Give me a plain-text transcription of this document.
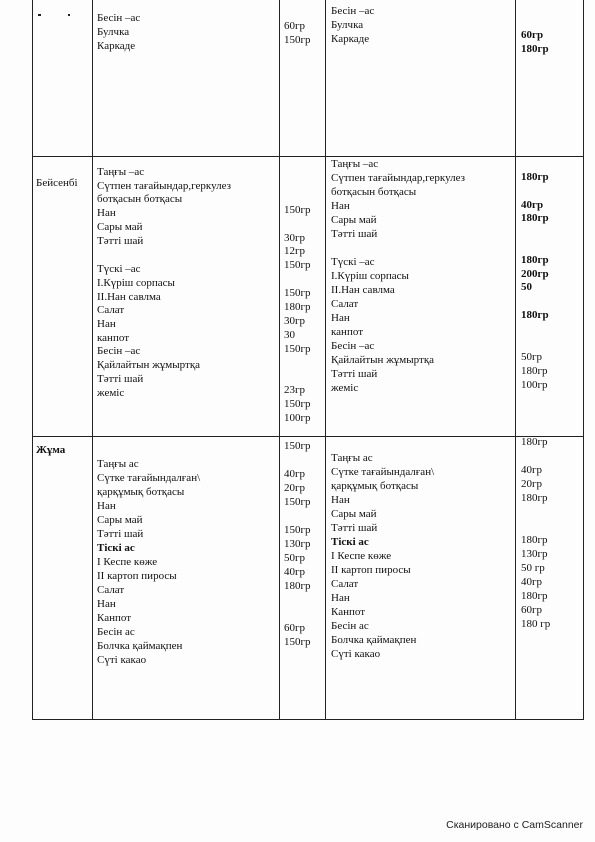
Бейсенбі
Жұма
Бесін –ас
Булчка
Каркаде
60гр
150гр
Бесін –ас
Булчка
Каркаде	60гр
180гр
Таңғы –ас
Сүтпен тағайындар,геркулез
ботқасын ботқасы
Нан
Сары май
Тәтті шай
Түскі –ас
І.Күріш сорпасы
ІІ.Нан савлма
Салат
Нан
канпот
Бесін –ас
Қайлайтын жұмыртқа
Тәтті шай
жеміс
150гр
30гр
12гр
150гр
150гр
180гр
30гр
30
150гр
23гр
150гр
100гр
Таңғы –ас
Сүтпен тағайындар,геркулез
ботқасын ботқасы
Нан
Сары май
Тәтті шай
Түскі –ас
І.Күріш сорпасы
ІІ.Нан савлма
Салат
Нан
канпот
Бесін –ас
Қайлайтын жұмыртқа
Тәтті шай
жеміс
180гр
40гр
180гр
180гр
200гр
50
180гр
50гр
180гр
100гр
Таңғы ас
Сүтке тағайындалған\
қарқұмық ботқасы
Нан
Сары май
Тәтті шай
Тіскі ас
І Кеспе көже
ІІ картоп пиросы
Салат
Нан
Канпот
Бесін ас
Болчка қаймақпен
Сүті какао
150гр
40гр
20гр
150гр
150гр
130гр
50гр
40гр
180гр
60гр
150гр
Таңғы ас
Сүтке тағайындалған\
қарқұмық ботқасы
Нан
Сары май
Тәтті шай
Тіскі ас
І Кеспе көже
ІІ картоп пиросы
Салат
Нан
Канпот
Бесін ас
Болчка қаймақпен
Сүті какао
180гр
40гр
20гр
180гр
180гр
130гр
50 гр
40гр
180гр
60гр
180 гр
Сканировано с CamScanner
